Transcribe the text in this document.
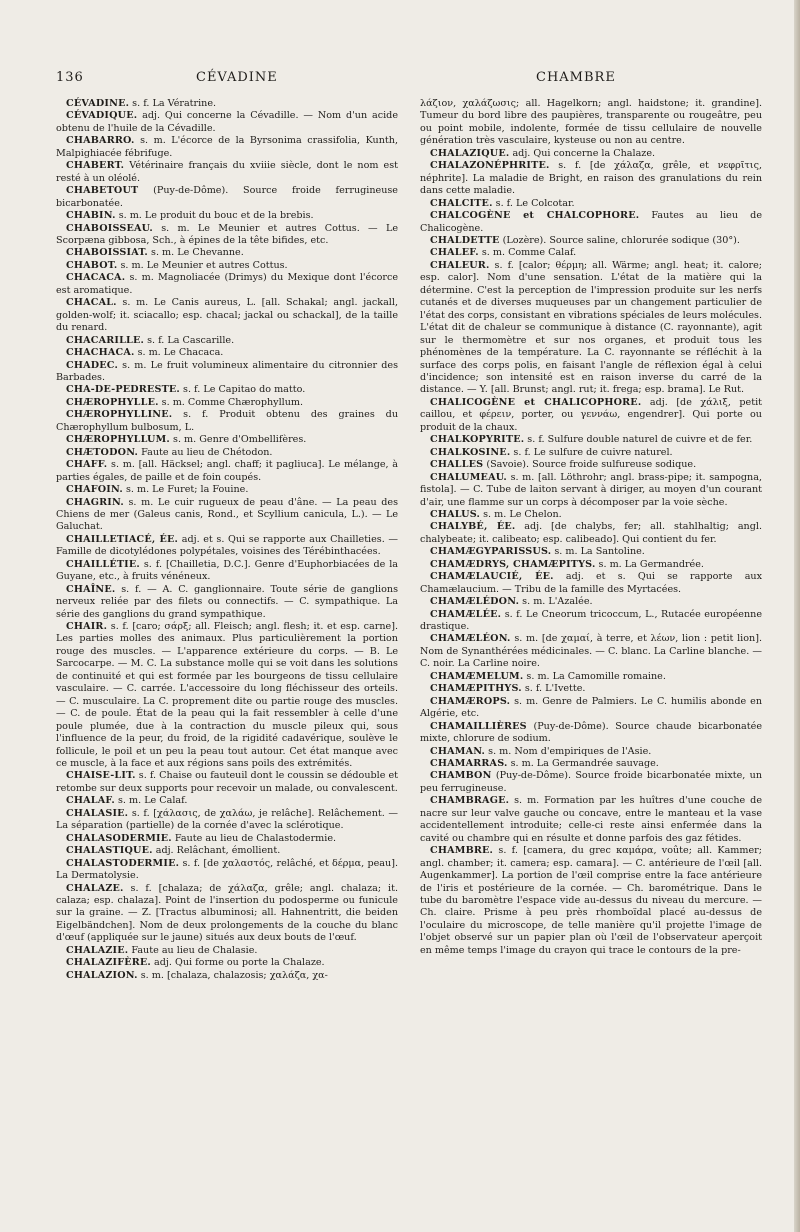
136	CÉVADINE	CHAMBRE

CÉVADINE. s. f. La Vératrine.

CÉVADIQUE. adj. Qui concerne la Cévadille. — Nom d'un acide obtenu de l'huile de la Cévadille.

CHABARRO. s. m. L'écorce de la Byrsonima crassifolia, Kunth, Malpighiacée fébrifuge.

CHABERT. Vétérinaire français du xviiie siècle, dont le nom est resté à un oléolé.

CHABETOUT (Puy-de-Dôme). Source froide ferrugineuse bicarbonatée.

CHABIN. s. m. Le produit du bouc et de la brebis.

CHABOISSEAU. s. m. Le Meunier et autres Cottus. — Le Scorpæna gibbosa, Sch., à épines de la tête bifides, etc.

CHABOISSIAT. s. m. Le Chevanne.

CHABOT. s. m. Le Meunier et autres Cottus.

CHACACA. s. m. Magnoliacée (Drimys) du Mexique dont l'écorce est aromatique.

CHACAL. s. m. Le Canis aureus, L. [all. Schakal; angl. jackall, golden-wolf; it. sciacallo; esp. chacal; jackal ou schackal], de la taille du renard.

CHACARILLE. s. f. La Cascarille.

CHACHACA. s. m. Le Chacaca.

CHADEC. s. m. Le fruit volumineux alimentaire du citronnier des Barbades.

CHA-DE-PEDRESTE. s. f. Le Capitao do matto.

CHÆROPHYLLE. s. m. Comme Chærophyllum.

CHÆROPHYLLINE. s. f. Produit obtenu des graines du Chærophyllum bulbosum, L.

CHÆROPHYLLUM. s. m. Genre d'Ombellifères.

CHÆTODON. Faute au lieu de Chétodon.

CHAFF. s. m. [all. Häcksel; angl. chaff; it pagliuca]. Le mélange, à parties égales, de paille et de foin coupés.

CHAFOIN. s. m. Le Furet; la Fouine.

CHAGRIN. s. m. Le cuir rugueux de peau d'âne. — La peau des Chiens de mer (Galeus canis, Rond., et Scyllium canicula, L.). — Le Galuchat.

CHAILLETIACÉ, ÉE. adj. et s. Qui se rapporte aux Chailleties. — Famille de dicotylédones polypétales, voisines des Térébinthacées.

CHAILLÉTIE. s. f. [Chailletia, D.C.]. Genre d'Euphorbiacées de la Guyane, etc., à fruits vénéneux.

CHAÎNE. s. f. — A. C. ganglionnaire. Toute série de ganglions nerveux reliée par des filets ou connectifs. — C. sympathique. La série des ganglions du grand sympathique.

CHAIR. s. f. [caro; σάρξ; all. Fleisch; angl. flesh; it. et esp. carne]. Les parties molles des animaux. Plus particulièrement la portion rouge des muscles. — L'apparence extérieure du corps. — B. Le Sarcocarpe. — M. C. La substance molle qui se voit dans les solutions de continuité et qui est formée par les bourgeons de tissu cellulaire vasculaire. — C. carrée. L'accessoire du long fléchisseur des orteils. — C. musculaire. La C. proprement dite ou partie rouge des muscles. — C. de poule. État de la peau qui la fait ressembler à celle d'une poule plumée, due à la contraction du muscle pileux qui, sous l'influence de la peur, du froid, de la rigidité cadavérique, soulève le follicule, le poil et un peu la peau tout autour. Cet état manque avec ce muscle, à la face et aux régions sans poils des extrémités.

CHAISE-LIT. s. f. Chaise ou fauteuil dont le coussin se dédouble et retombe sur deux supports pour recevoir un malade, ou convalescent.

CHALAF. s. m. Le Calaf.

CHALASIE. s. f. [χάλασις, de χαλάω, je relâche]. Relâchement. — La séparation (partielle) de la cornée d'avec la sclérotique.

CHALASODERMIE. Faute au lieu de Chalastodermie.

CHALASTIQUE. adj. Relâchant, émollient.

CHALASTODERMIE. s. f. [de χαλαστός, relâché, et δέρμα, peau]. La Dermatolysie.

CHALAZE. s. f. [chalaza; de χάλαζα, grêle; angl. chalaza; it. calaza; esp. chalaza]. Point de l'insertion du podosperme ou funicule sur la graine. — Z. [Tractus albuminosi; all. Hahnentritt, die beiden Eigelbändchen]. Nom de deux prolongements de la couche du blanc d'œuf (appliquée sur le jaune) situés aux deux bouts de l'œuf.

CHALAZIE. Faute au lieu de Chalasie.

CHALAZIFÈRE. adj. Qui forme ou porte la Chalaze.

CHALAZION. s. m. [chalaza, chalazosis; χαλάζα, χα-

λάζιον, χαλάζωσις; all. Hagelkorn; angl. haidstone; it. grandine]. Tumeur du bord libre des paupières, transparente ou rougeâtre, peu ou point mobile, indolente, formée de tissu cellulaire de nouvelle génération très vasculaire, kysteuse ou non au centre.

CHALAZIQUE. adj. Qui concerne la Chalaze.

CHALAZONÉPHRITE. s. f. [de χάλαζα, grêle, et νεφρῖτις, néphrite]. La maladie de Bright, en raison des granulations du rein dans cette maladie.

CHALCITE. s. f. Le Colcotar.

CHALCOGÈNE et CHALCOPHORE. Fautes au lieu de Chalicogène.

CHALDETTE (Lozère). Source saline, chlorurée sodique (30°).

CHALEF. s. m. Comme Calaf.

CHALEUR. s. f. [calor; θέρμη; all. Wärme; angl. heat; it. calore; esp. calor]. Nom d'une sensation. L'état de la matière qui la détermine. C'est la perception de l'impression produite sur les nerfs cutanés et de diverses muqueuses par un changement particulier de l'état des corps, consistant en vibrations spéciales de leurs molécules. L'état dit de chaleur se communique à distance (C. rayonnante), agit sur le thermomètre et sur nos organes, et produit tous les phénomènes de la température. La C. rayonnante se réfléchit à la surface des corps polis, en faisant l'angle de réflexion égal à celui d'incidence; son intensité est en raison inverse du carré de la distance. — Y. [all. Brunst; angl. rut; it. frega; esp. brama]. Le Rut.

CHALICOGÈNE et CHALICOPHORE. adj. [de χάλιξ, petit caillou, et φέρειν, porter, ou γεννάω, engendrer]. Qui porte ou produit de la chaux.

CHALKOPYRITE. s. f. Sulfure double naturel de cuivre et de fer.

CHALKOSINE. s. f. Le sulfure de cuivre naturel.

CHALLES (Savoie). Source froide sulfureuse sodique.

CHALUMEAU. s. m. [all. Löthrohr; angl. brass-pipe; it. sampogna, fistola]. — C. Tube de laiton servant à diriger, au moyen d'un courant d'air, une flamme sur un corps à décomposer par la voie sèche.

CHALUS. s. m. Le Chelon.

CHALYBÉ, ÉE. adj. [de chalybs, fer; all. stahlhaltig; angl. chalybeate; it. calibeato; esp. calibeado]. Qui contient du fer.

CHAMÆGYPARISSUS. s. m. La Santoline.

CHAMÆDRYS, CHAMÆPITYS. s. m. La Germandrée.

CHAMÆLAUCIÉ, ÉE. adj. et s. Qui se rapporte aux Chamælaucium. — Tribu de la famille des Myrtacées.

CHAMÆLÉDON. s. m. L'Azalée.

CHAMÆLÉE. s. f. Le Cneorum tricoccum, L., Rutacée européenne drastique.

CHAMÆLÉON. s. m. [de χαμαί, à terre, et λέων, lion : petit lion]. Nom de Synanthérées médicinales. — C. blanc. La Carline blanche. — C. noir. La Carline noire.

CHAMÆMELUM. s. m. La Camomille romaine.

CHAMÆPITHYS. s. f. L'Ivette.

CHAMÆROPS. s. m. Genre de Palmiers. Le C. humilis abonde en Algérie, etc.

CHAMAILLIÈRES (Puy-de-Dôme). Source chaude bicarbonatée mixte, chlorure de sodium.

CHAMAN. s. m. Nom d'empiriques de l'Asie.

CHAMARRAS. s. m. La Germandrée sauvage.

CHAMBON (Puy-de-Dôme). Source froide bicarbonatée mixte, un peu ferrugineuse.

CHAMBRAGE. s. m. Formation par les huîtres d'une couche de nacre sur leur valve gauche ou concave, entre le manteau et la vase accidentellement introduite; celle-ci reste ainsi enfermée dans la cavité ou chambre qui en résulte et donne parfois des gaz fétides.

CHAMBRE. s. f. [camera, du grec καμάρα, voûte; all. Kammer; angl. chamber; it. camera; esp. camara]. — C. antérieure de l'œil [all. Augenkammer]. La portion de l'œil comprise entre la face antérieure de l'iris et postérieure de la cornée. — Ch. barométrique. Dans le tube du baromètre l'espace vide au-dessus du niveau du mercure. — Ch. claire. Prisme à peu près rhomboïdal placé au-dessus de l'oculaire du microscope, de telle manière qu'il projette l'image de l'objet observé sur un papier plan où l'œil de l'observateur aperçoit en même temps l'image du crayon qui trace le contours de la pre-
